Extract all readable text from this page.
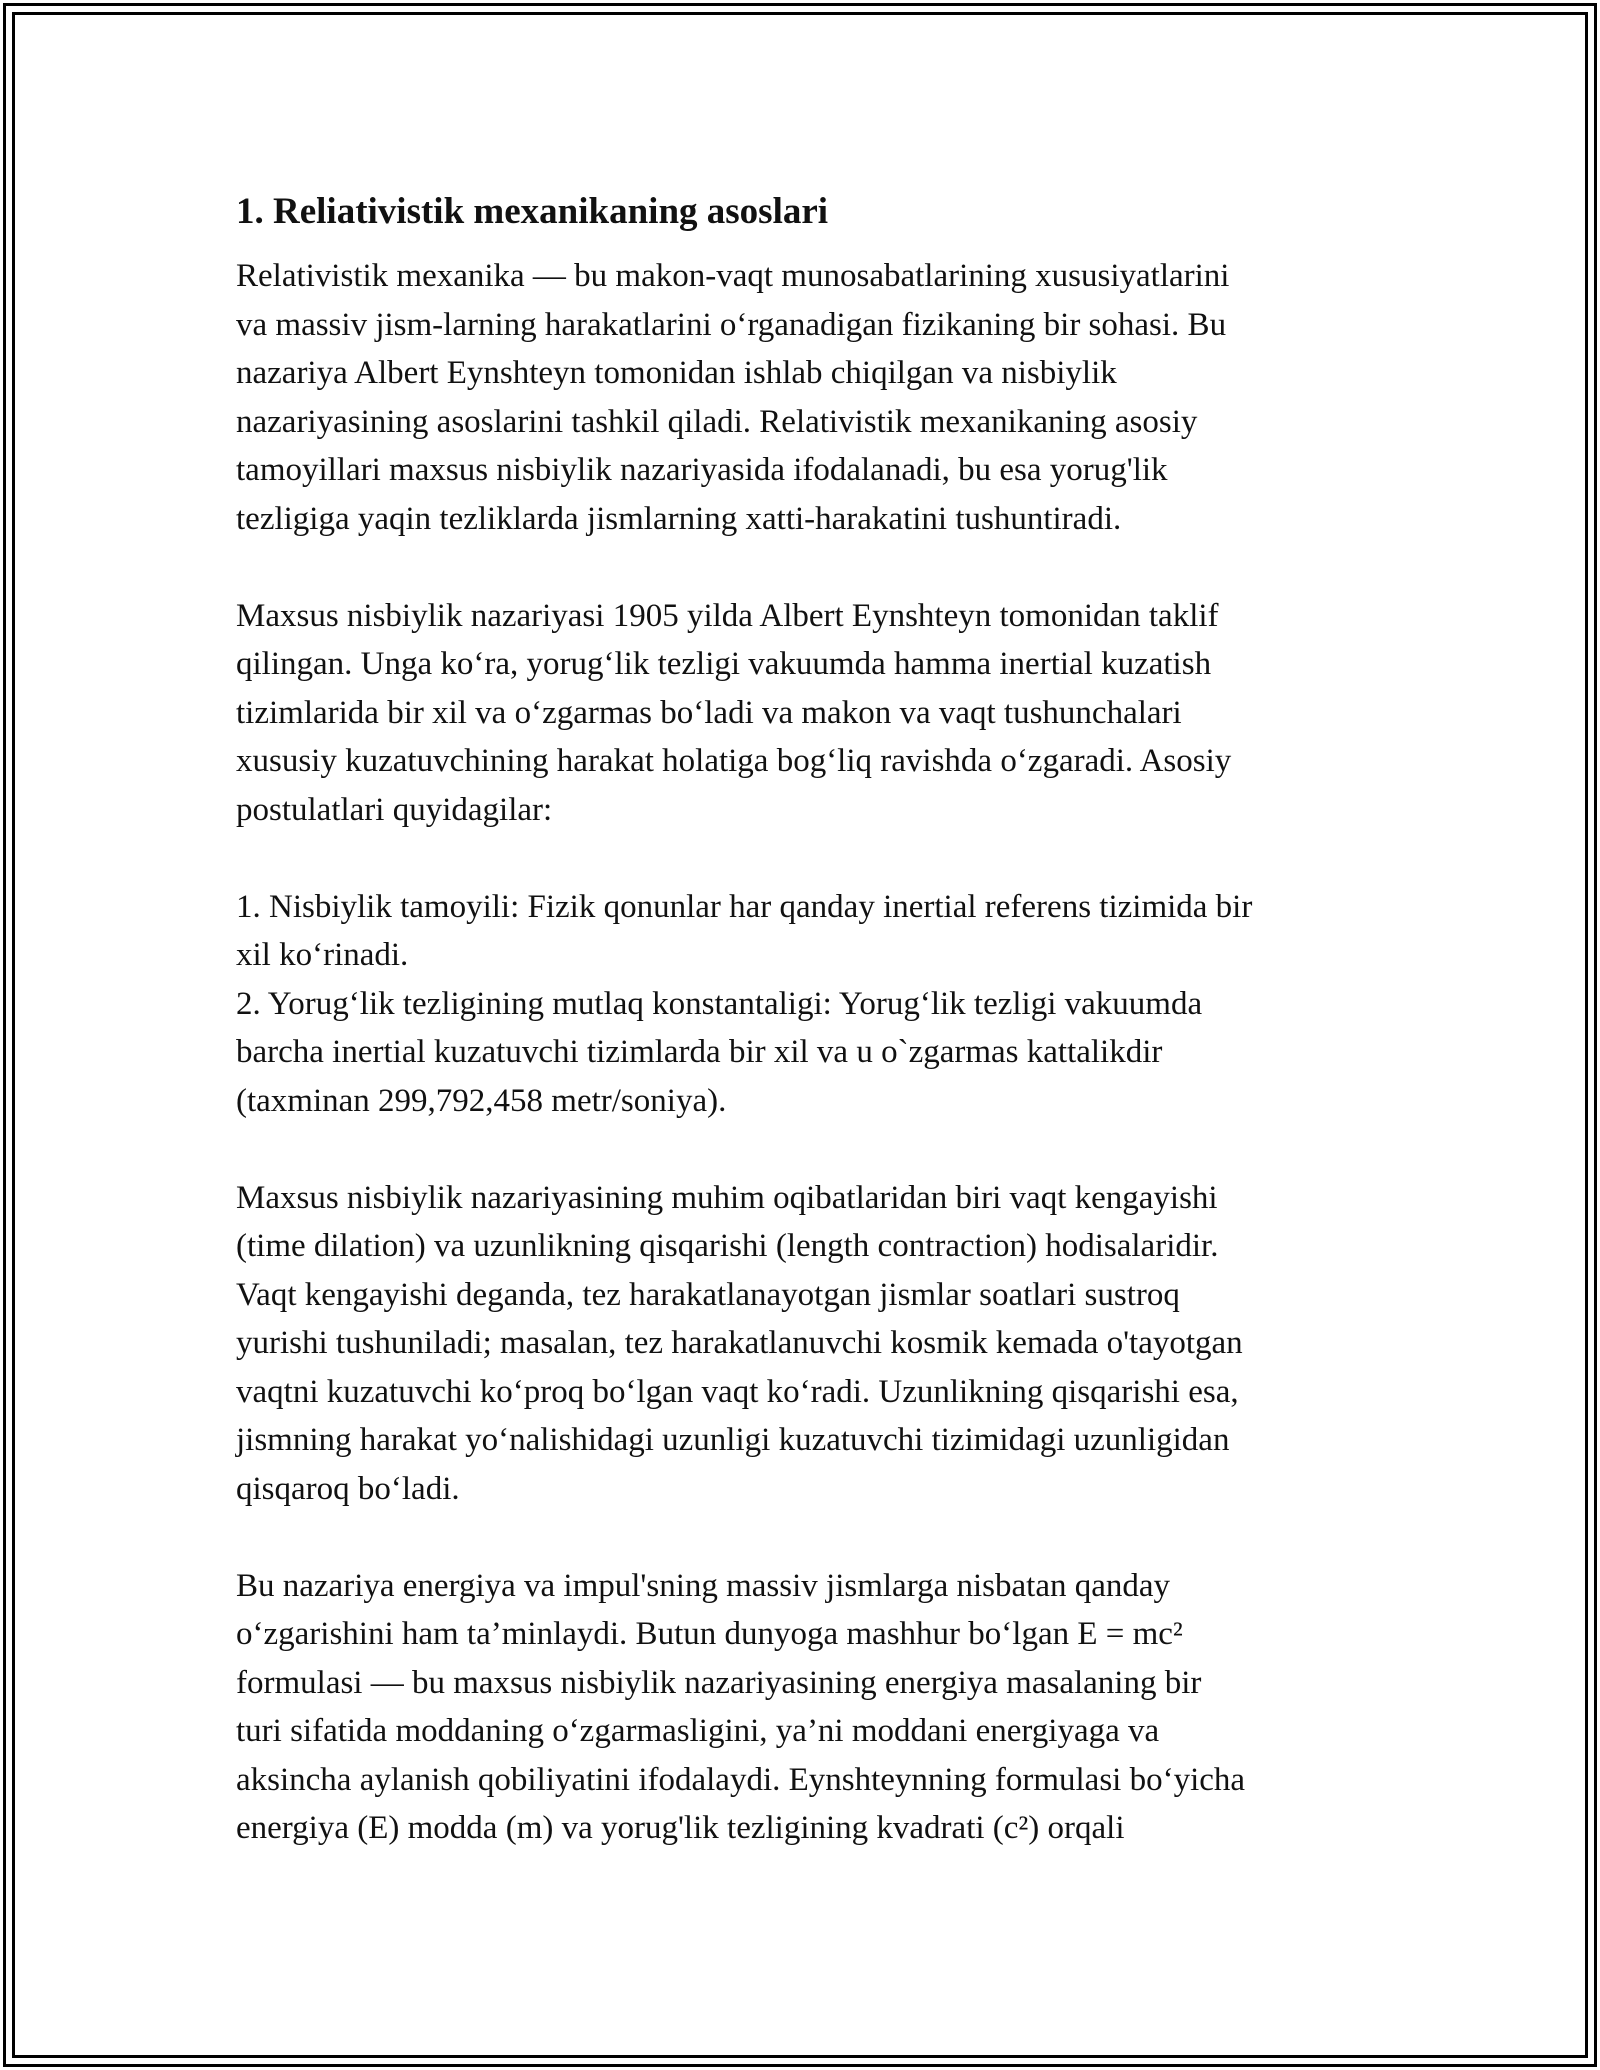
1. Reliativistik mexanikaning asoslari

Relativistik mexanika — bu makon-vaqt munosabatlarining xususiyatlarini
va massiv jism-larning harakatlarini oʻrganadigan fizikaning bir sohasi. Bu
nazariya Albert Eynshteyn tomonidan ishlab chiqilgan va nisbiylik
nazariyasining asoslarini tashkil qiladi. Relativistik mexanikaning asosiy
tamoyillari maxsus nisbiylik nazariyasida ifodalanadi, bu esa yorug'lik
tezligiga yaqin tezliklarda jismlarning xatti-harakatini tushuntiradi.

Maxsus nisbiylik nazariyasi 1905 yilda Albert Eynshteyn tomonidan taklif
qilingan. Unga koʻra, yorugʻlik tezligi vakuumda hamma inertial kuzatish
tizimlarida bir xil va oʻzgarmas boʻladi va makon va vaqt tushunchalari
xususiy kuzatuvchining harakat holatiga bogʻliq ravishda oʻzgaradi. Asosiy
postulatlari quyidagilar:

1. Nisbiylik tamoyili: Fizik qonunlar har qanday inertial referens tizimida bir
xil koʻrinadi.
2. Yorugʻlik tezligining mutlaq konstantaligi: Yorugʻlik tezligi vakuumda
barcha inertial kuzatuvchi tizimlarda bir xil va u o`zgarmas kattalikdir
(taxminan 299,792,458 metr/soniya).

Maxsus nisbiylik nazariyasining muhim oqibatlaridan biri vaqt kengayishi
(time dilation) va uzunlikning qisqarishi (length contraction) hodisalaridir.
Vaqt kengayishi deganda, tez harakatlanayotgan jismlar soatlari sustroq
yurishi tushuniladi; masalan, tez harakatlanuvchi kosmik kemada o'tayotgan
vaqtni kuzatuvchi koʻproq boʻlgan vaqt koʻradi. Uzunlikning qisqarishi esa,
jismning harakat yoʻnalishidagi uzunligi kuzatuvchi tizimidagi uzunligidan
qisqaroq boʻladi.

Bu nazariya energiya va impul'sning massiv jismlarga nisbatan qanday
oʻzgarishini ham ta’minlaydi. Butun dunyoga mashhur boʻlgan E = mc²
formulasi — bu maxsus nisbiylik nazariyasining energiya masalaning bir
turi sifatida moddaning oʻzgarmasligini, ya’ni moddani energiyaga va
aksincha aylanish qobiliyatini ifodalaydi. Eynshteynning formulasi boʻyicha
energiya (E) modda (m) va yorug'lik tezligining kvadrati (c²) orqali
